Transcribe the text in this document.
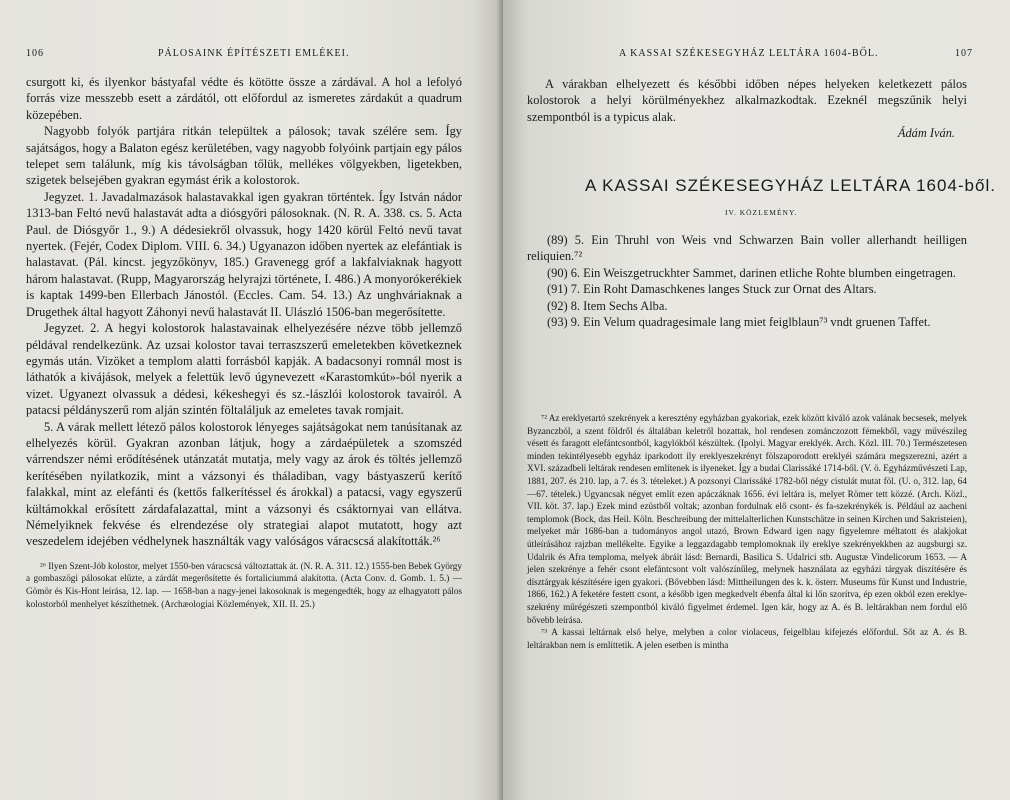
106	PÁLOSAINK ÉPÍTÉSZETI EMLÉKEI.

csurgott ki, és ilyenkor bástyafal védte és kötötte össze a zárdával. A hol a lefolyó forrás vize messzebb esett a zárdától, ott előfordul az ismeretes zárdakút a quadrum közepében.

Nagyobb folyók partjára ritkán települtek a pálosok; tavak szélére sem. Így sajátságos, hogy a Balaton egész kerületében, vagy nagyobb folyóink partjain egy pálos telepet sem találunk, míg kis távolságban tőlük, mellékes völgyekben, ligetekben, szigetek belsejében gyakran egymást érik a kolostorok.

Jegyzet. 1. Javadalmazások halastavakkal igen gyakran történtek. Így István nádor 1313-ban Feltó nevű halastavát adta a diósgyőri pálosoknak. (N. R. A. 338. cs. 5. Acta Paul. de Diósgyőr 1., 9.) A dédesiekről olvassuk, hogy 1420 körül Feltó nevű tavat nyertek. (Fejér, Codex Diplom. VIII. 6. 34.) Ugyanazon időben nyertek az elefántiak is halastavat. (Pál. kincst. jegyzőkönyv, 185.) Gravenegg gróf a lakfalviaknak hagyott három halastavat. (Rupp, Magyarország helyrajzi története, I. 486.) A monyorókerékiek is kaptak 1499-ben Ellerbach Jánostól. (Eccles. Cam. 54. 13.) Az unghváriaknak a Drugethek által hagyott Záhonyi nevű halastavát II. Ulászló 1506-ban megerősítette.

Jegyzet. 2. A hegyi kolostorok halastavainak elhelyezésére nézve több jellemző példával rendelkezünk. Az uzsai kolostor tavai terraszszerű emeletekben következnek egymás után. Vizöket a templom alatti forrásból kapják. A badacsonyi romnál most is láthatók a kivájások, melyek a felettük levő úgynevezett «Karastomkút»-ból nyerik a vizet. Ugyanezt olvassuk a dédesi, kékeshegyi és sz.-lászlói kolostorok tavairól. A patacsi példányszerű rom alján szintén föltaláljuk az emeletes tavak romjait.

5. A várak mellett létező pálos kolostorok lényeges sajátságokat nem tanúsítanak az elhelyezés körül. Gyakran azonban látjuk, hogy a zárdaépületek a szomszéd várrendszer némi erődítésének utánzatát mutatja, mely vagy az árok és töltés jellemző kerítésében nyilatkozik, mint a vázsonyi és tháladiban, vagy bástyaszerű kerítő falakkal, mint az elefánti és (kettős falkerítéssel és árokkal) a patacsi, vagy egyszerű kültámokkal erősített zárdafalazattal, mint a vázsonyi és csáktornyai van ellátva. Némelyiknek fekvése és elrendezése oly strategiai alapot mutatott, hogy azt veszedelem idejében védhelynek használták vagy valóságos váracscsá alakították.²⁶

²⁶ Ilyen Szent-Jób kolostor, melyet 1550-ben váracscsá változtattak át. (N. R. A. 311. 12.) 1555-ben Bebek György a gombaszögi pálosokat elűzte, a zárdát megerősítette és fortaliciummá alakította. (Acta Conv. d. Gomb. 1. 5.) — Gömör és Kis-Hont leírása, 12. lap. — 1658-ban a nagy-jenei lakosoknak is megengedték, hogy az elhagyatott pálos kolostorból menhelyet készíthetnek. (Archæologiai Közlemények, XII. II. 25.)

A KASSAI SZÉKESEGYHÁZ LELTÁRA 1604-BŐL.	107

A várakban elhelyezett és későbbi időben népes helyeken keletkezett pálos kolostorok a helyi körülményekhez alkalmazkodtak. Ezeknél megszűnik helyi szempontból is a typicus alak.

Ádám Iván.
A KASSAI SZÉKESEGYHÁZ LELTÁRA 1604-ből.
IV. KÖZLEMÉNY.

(89) 5. Ein Thruhl von Weis vnd Schwarzen Bain voller allerhandt heilligen reliquien.⁷²

(90) 6. Ein Weiszgetruckhter Sammet, darinen etliche Rohte blumben eingetragen.

(91) 7. Ein Roht Damaschkenes langes Stuck zur Ornat des Altars.

(92) 8. Item Sechs Alba.

(93) 9. Ein Velum quadragesimale lang miet feiglblaun⁷³ vndt gruenen Taffet.

⁷² Az ereklyetartó szekrények a keresztény egyházban gyakoriak, ezek között kiváló azok valának becsesek, melyek Byzanczból, a szent földről és általában keletről hozattak, hol rendesen zománczozott fémekből, vagy művészileg vésett és faragott elefántcsontból, kagylókból készültek. (Ipolyi. Magyar ereklyék. Arch. Közl. III. 70.) Természetesen minden tekintélyesebb egyház iparkodott ily ereklyeszekrényt fölszaporodott ereklyéi számára megszerezni, azért a XVI. századbeli leltárak rendesen említenek is ilyeneket. Így a budai Clarissáké 1714-ből. (V. ö. Egyházművészeti Lap, 1881, 207. és 210. lap, a 7. és 3. tételeket.) A pozsonyi Clarissáké 1782-ből négy cistulát mutat föl. (U. o, 312. lap, 64—67. tételek.) Ugyancsak négyet említ ezen apáczáknak 1656. évi leltára is, melyet Römer tett közzé. (Arch. Közl., VII. köt. 37. lap.) Ezek mind ezüstből voltak; azonban fordulnak elő csont- és fa-szekrénykék is. Például az aacheni templomok (Bock, das Heil. Köln. Beschreibung der mittelalterlichen Kunstschätze in seinen Kirchen und Sakristeien), melyeket már 1686-ban a tudományos angol utazó, Brown Edward igen nagy figyelemre méltatott és alakjokat útleírásához rajzban mellékelte. Egyike a leggazdagabb templomoknak ily ereklye szekrényekkben az augsburgi sz. Udalrik és Afra temploma, melyek ábráit lásd: Bernardi, Basilica S. Udalrici stb. Augustæ Vindelicorum 1653. — A jelen szekrénye a fehér csont elefántcsont volt valószínűleg, melynek használata az egyházi tárgyak díszítésére és dísztárgyak készítésére igen gyakori. (Bővebben lásd: Mittheilungen des k. k. österr. Museums für Kunst und Industrie, 1866, 162.) A feketére festett csont, a később igen megkedvelt ébenfa által ki lőn szorítva, ép ezen okból ezen ereklye-szekrény műrégészeti szempontból kiváló figyelmet érdemel. Igen kár, hogy az A. és B. leltárakban nem fordul elő bővebb leírása.

⁷³ A kassai leltárnak első helye, melyben a color violaceus, feigelblau kifejezés előfordul. Sőt az A. és B. leltárakban nem is említtetik. A jelen esetben is mintha
